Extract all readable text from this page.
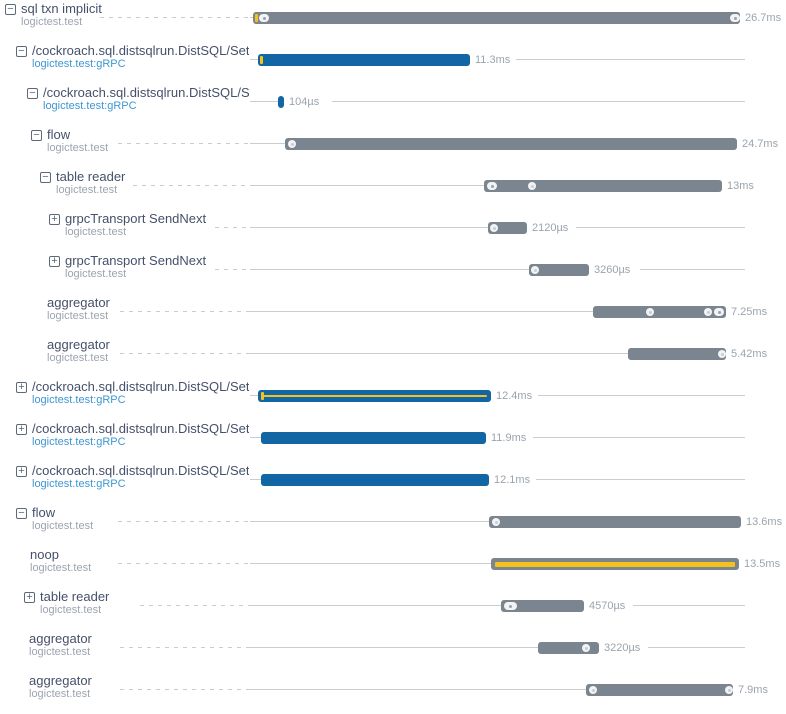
− sql txn implicit
logictest.test	26.7ms
− /cockroach.sql.distsqlrun.DistSQL/Set
logictest.test:gRPC	11.3ms
− /cockroach.sql.distsqlrun.DistSQL/S
logictest.test:gRPC	104µs
− flow
logictest.test	24.7ms
− table reader
logictest.test	13ms
+ grpcTransport SendNext
logictest.test	2120µs
+ grpcTransport SendNext
logictest.test	3260µs
aggregator
logictest.test	7.25ms
aggregator
logictest.test	5.42ms
+ /cockroach.sql.distsqlrun.DistSQL/Set
logictest.test:gRPC	12.4ms
+ /cockroach.sql.distsqlrun.DistSQL/Set
logictest.test:gRPC	11.9ms
+ /cockroach.sql.distsqlrun.DistSQL/Set
logictest.test:gRPC	12.1ms
− flow
logictest.test	13.6ms
noop
logictest.test	13.5ms
+ table reader
logictest.test	4570µs
aggregator
logictest.test	3220µs
aggregator
logictest.test	7.9ms
